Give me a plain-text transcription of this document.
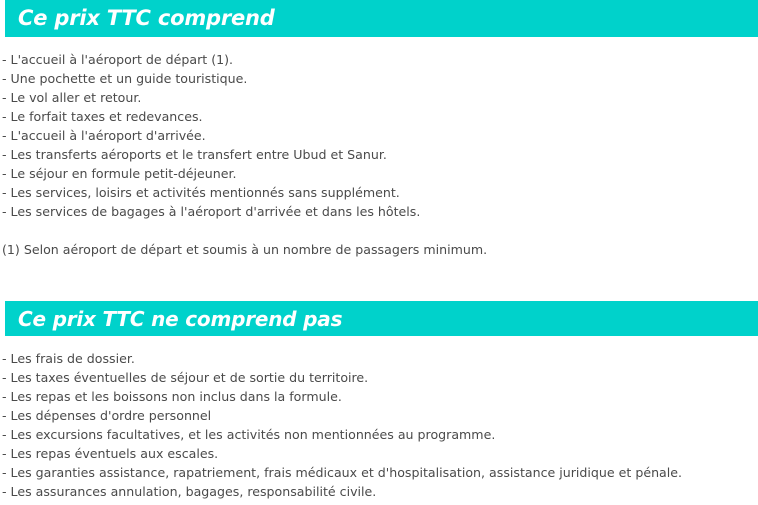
Ce prix TTC comprend
- L'accueil à l'aéroport de départ (1).
- Une pochette et un guide touristique.
- Le vol aller et retour.
- Le forfait taxes et redevances.
- L'accueil à l'aéroport d'arrivée.
- Les transferts aéroports et le transfert entre Ubud et Sanur.
- Le séjour en formule petit-déjeuner.
- Les services, loisirs et activités mentionnés sans supplément.
- Les services de bagages à l'aéroport d'arrivée et dans les hôtels.
(1) Selon aéroport de départ et soumis à un nombre de passagers minimum.
Ce prix TTC ne comprend pas
- Les frais de dossier.
- Les taxes éventuelles de séjour et de sortie du territoire.
- Les repas et les boissons non inclus dans la formule.
- Les dépenses d'ordre personnel
- Les excursions facultatives, et les activités non mentionnées au programme.
- Les repas éventuels aux escales.
- Les garanties assistance, rapatriement, frais médicaux et d'hospitalisation, assistance juridique et pénale.
- Les assurances annulation, bagages, responsabilité civile.
